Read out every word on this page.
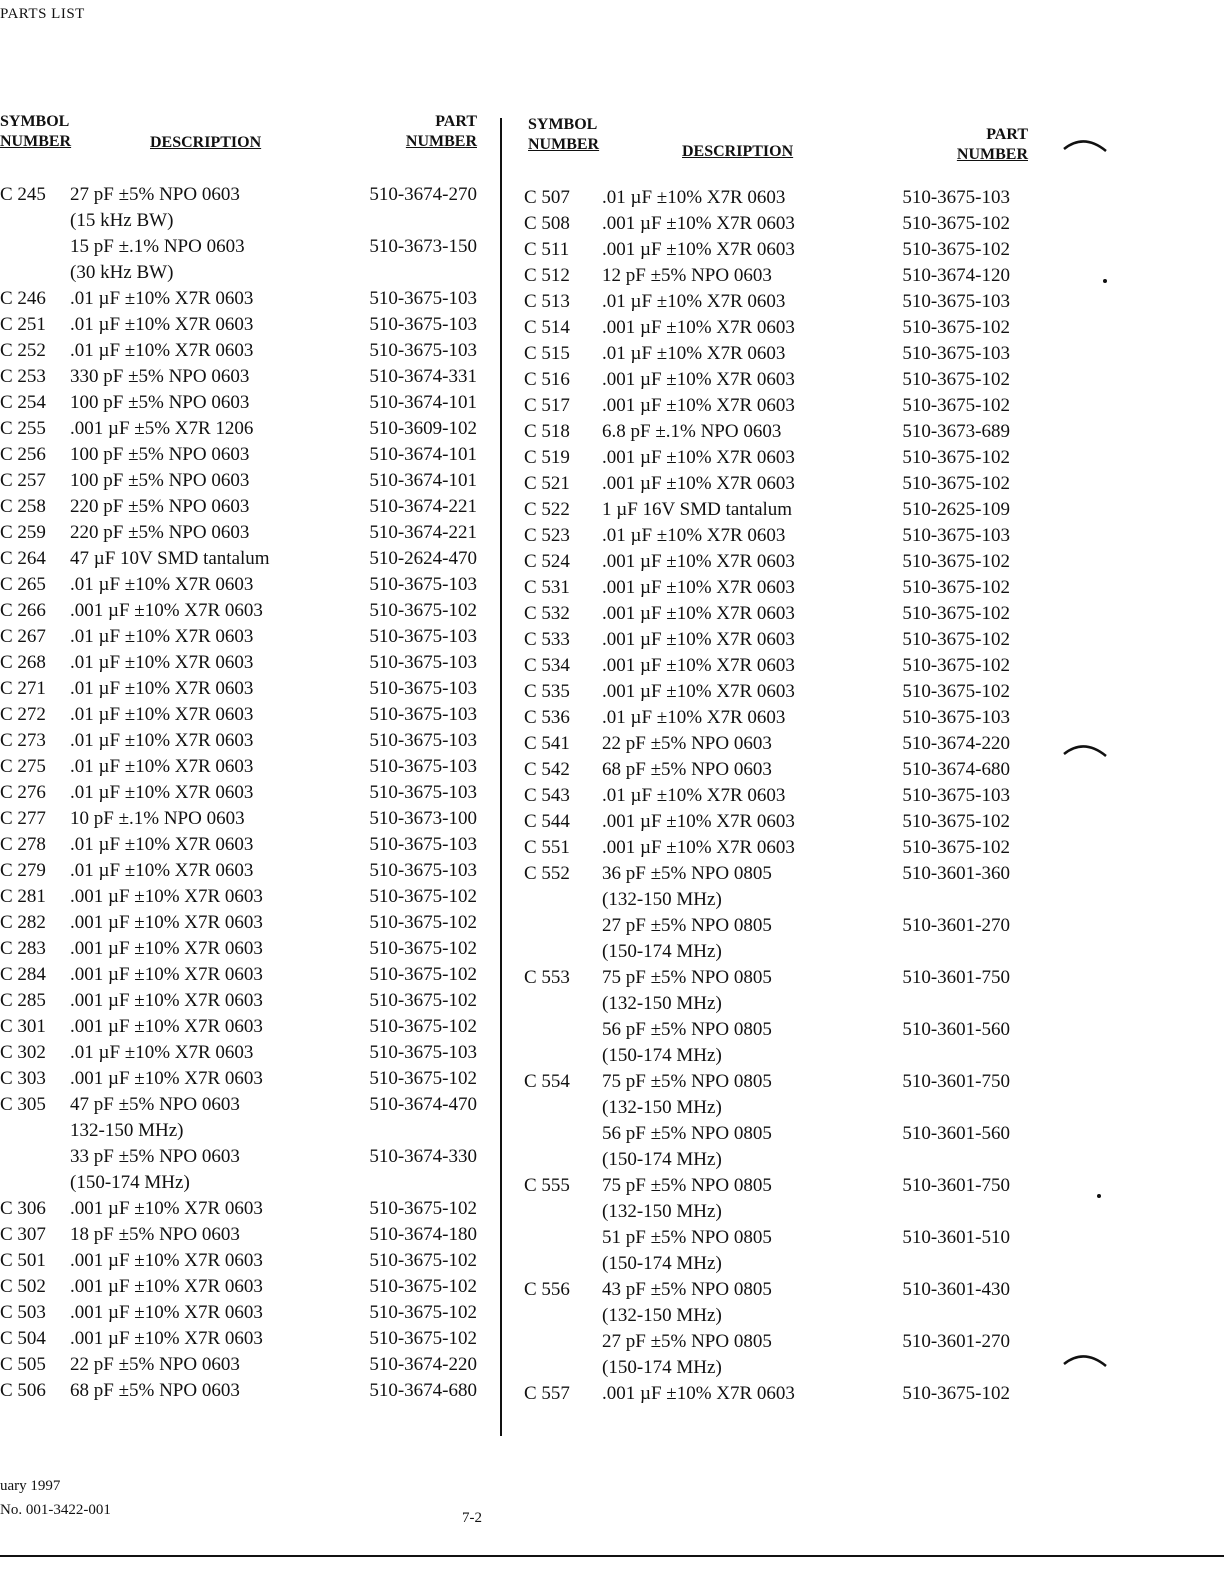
PARTS LIST
SYMBOL
NUMBER	DESCRIPTION
PART
NUMBER
C 245	27 pF ±5% NPO 0603	510-3674-270
(15 kHz BW)
15 pF ±.1% NPO 0603	510-3673-150
(30 kHz BW)
C 246	.01 µF ±10% X7R 0603	510-3675-103
C 251	.01 µF ±10% X7R 0603	510-3675-103
C 252	.01 µF ±10% X7R 0603	510-3675-103
C 253	330 pF ±5% NPO 0603	510-3674-331
C 254	100 pF ±5% NPO 0603	510-3674-101
C 255	.001 µF ±5% X7R 1206	510-3609-102
C 256	100 pF ±5% NPO 0603	510-3674-101
C 257	100 pF ±5% NPO 0603	510-3674-101
C 258	220 pF ±5% NPO 0603	510-3674-221
C 259	220 pF ±5% NPO 0603	510-3674-221
C 264	47 µF 10V SMD tantalum	510-2624-470
C 265	.01 µF ±10% X7R 0603	510-3675-103
C 266	.001 µF ±10% X7R 0603	510-3675-102
C 267	.01 µF ±10% X7R 0603	510-3675-103
C 268	.01 µF ±10% X7R 0603	510-3675-103
C 271	.01 µF ±10% X7R 0603	510-3675-103
C 272	.01 µF ±10% X7R 0603	510-3675-103
C 273	.01 µF ±10% X7R 0603	510-3675-103
C 275	.01 µF ±10% X7R 0603	510-3675-103
C 276	.01 µF ±10% X7R 0603	510-3675-103
C 277	10 pF ±.1% NPO 0603	510-3673-100
C 278	.01 µF ±10% X7R 0603	510-3675-103
C 279	.01 µF ±10% X7R 0603	510-3675-103
C 281	.001 µF ±10% X7R 0603	510-3675-102
C 282	.001 µF ±10% X7R 0603	510-3675-102
C 283	.001 µF ±10% X7R 0603	510-3675-102
C 284	.001 µF ±10% X7R 0603	510-3675-102
C 285	.001 µF ±10% X7R 0603	510-3675-102
C 301	.001 µF ±10% X7R 0603	510-3675-102
C 302	.01 µF ±10% X7R 0603	510-3675-103
C 303	.001 µF ±10% X7R 0603	510-3675-102
C 305	47 pF ±5% NPO 0603	510-3674-470
132-150 MHz)
33 pF ±5% NPO 0603	510-3674-330
(150-174 MHz)
C 306	.001 µF ±10% X7R 0603	510-3675-102
C 307	18 pF ±5% NPO 0603	510-3674-180
C 501	.001 µF ±10% X7R 0603	510-3675-102
C 502	.001 µF ±10% X7R 0603	510-3675-102
C 503	.001 µF ±10% X7R 0603	510-3675-102
C 504	.001 µF ±10% X7R 0603	510-3675-102
C 505	22 pF ±5% NPO 0603	510-3674-220
C 506	68 pF ±5% NPO 0603	510-3674-680
SYMBOL
NUMBER	DESCRIPTION
PART
NUMBER
C 507	.01 µF ±10% X7R 0603	510-3675-103
C 508	.001 µF ±10% X7R 0603	510-3675-102
C 511	.001 µF ±10% X7R 0603	510-3675-102
C 512	12 pF ±5% NPO 0603	510-3674-120
C 513	.01 µF ±10% X7R 0603	510-3675-103
C 514	.001 µF ±10% X7R 0603	510-3675-102
C 515	.01 µF ±10% X7R 0603	510-3675-103
C 516	.001 µF ±10% X7R 0603	510-3675-102
C 517	.001 µF ±10% X7R 0603	510-3675-102
C 518	6.8 pF ±.1% NPO 0603	510-3673-689
C 519	.001 µF ±10% X7R 0603	510-3675-102
C 521	.001 µF ±10% X7R 0603	510-3675-102
C 522	1 µF 16V SMD tantalum	510-2625-109
C 523	.01 µF ±10% X7R 0603	510-3675-103
C 524	.001 µF ±10% X7R 0603	510-3675-102
C 531	.001 µF ±10% X7R 0603	510-3675-102
C 532	.001 µF ±10% X7R 0603	510-3675-102
C 533	.001 µF ±10% X7R 0603	510-3675-102
C 534	.001 µF ±10% X7R 0603	510-3675-102
C 535	.001 µF ±10% X7R 0603	510-3675-102
C 536	.01 µF ±10% X7R 0603	510-3675-103
C 541	22 pF ±5% NPO 0603	510-3674-220
C 542	68 pF ±5% NPO 0603	510-3674-680
C 543	.01 µF ±10% X7R 0603	510-3675-103
C 544	.001 µF ±10% X7R 0603	510-3675-102
C 551	.001 µF ±10% X7R 0603	510-3675-102
C 552	36 pF ±5% NPO 0805	510-3601-360
(132-150 MHz)
27 pF ±5% NPO 0805	510-3601-270
(150-174 MHz)
C 553	75 pF ±5% NPO 0805	510-3601-750
(132-150 MHz)
56 pF ±5% NPO 0805	510-3601-560
(150-174 MHz)
C 554	75 pF ±5% NPO 0805	510-3601-750
(132-150 MHz)
56 pF ±5% NPO 0805	510-3601-560
(150-174 MHz)
C 555	75 pF ±5% NPO 0805	510-3601-750
(132-150 MHz)
51 pF ±5% NPO 0805	510-3601-510
(150-174 MHz)
C 556	43 pF ±5% NPO 0805	510-3601-430
(132-150 MHz)
27 pF ±5% NPO 0805	510-3601-270
(150-174 MHz)
C 557	.001 µF ±10% X7R 0603	510-3675-102
uary 1997
No. 001-3422-001	7-2
